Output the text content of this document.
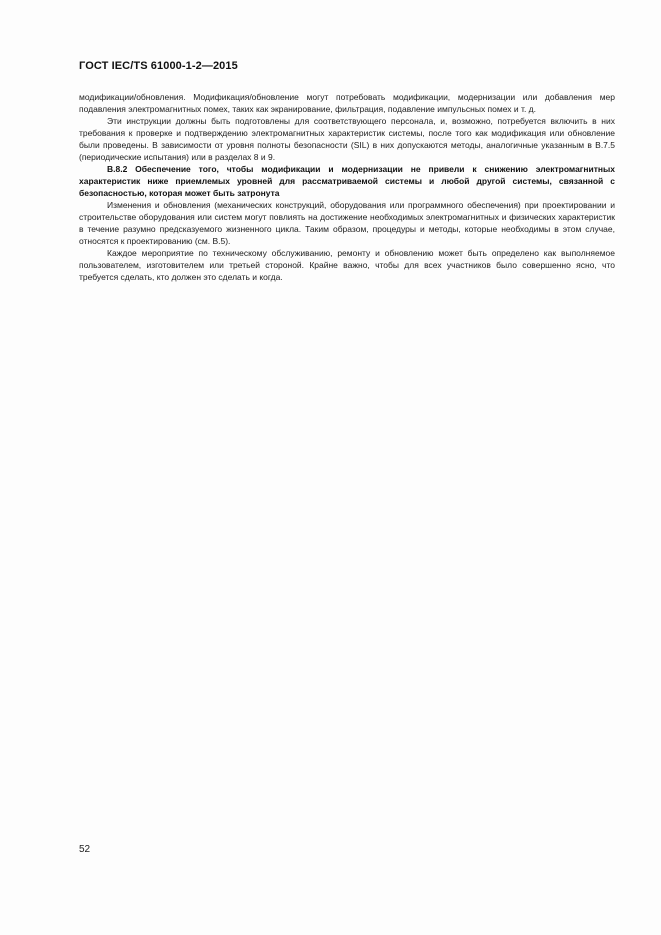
ГОСТ IEC/TS 61000-1-2—2015

модификации/обновления. Модификация/обновление могут потребовать модификации, модернизации или добавления мер подавления электромагнитных помех, таких как экранирование, фильтрация, подавление импульсных помех и т. д.

Эти инструкции должны быть подготовлены для соответствующего персонала, и, возможно, потребуется включить в них требования к проверке и подтверждению электромагнитных характеристик системы, после того как модификация или обновление были проведены. В зависимости от уровня полноты безопасности (SIL) в них допускаются методы, аналогичные указанным в В.7.5 (периодические испытания) или в разделах 8 и 9.

В.8.2 Обеспечение того, чтобы модификации и модернизации не привели к снижению электромагнитных характеристик ниже приемлемых уровней для рассматриваемой системы и любой другой системы, связанной с безопасностью, которая может быть затронута

Изменения и обновления (механических конструкций, оборудования или программного обеспечения) при проектировании и строительстве оборудования или систем могут повлиять на достижение необходимых электромагнитных и физических характеристик в течение разумно предсказуемого жизненного цикла. Таким образом, процедуры и методы, которые необходимы в этом случае, относятся к проектированию (см. В.5).

Каждое мероприятие по техническому обслуживанию, ремонту и обновлению может быть определено как выполняемое пользователем, изготовителем или третьей стороной. Крайне важно, чтобы для всех участников было совершенно ясно, что требуется сделать, кто должен это сделать и когда.

52
